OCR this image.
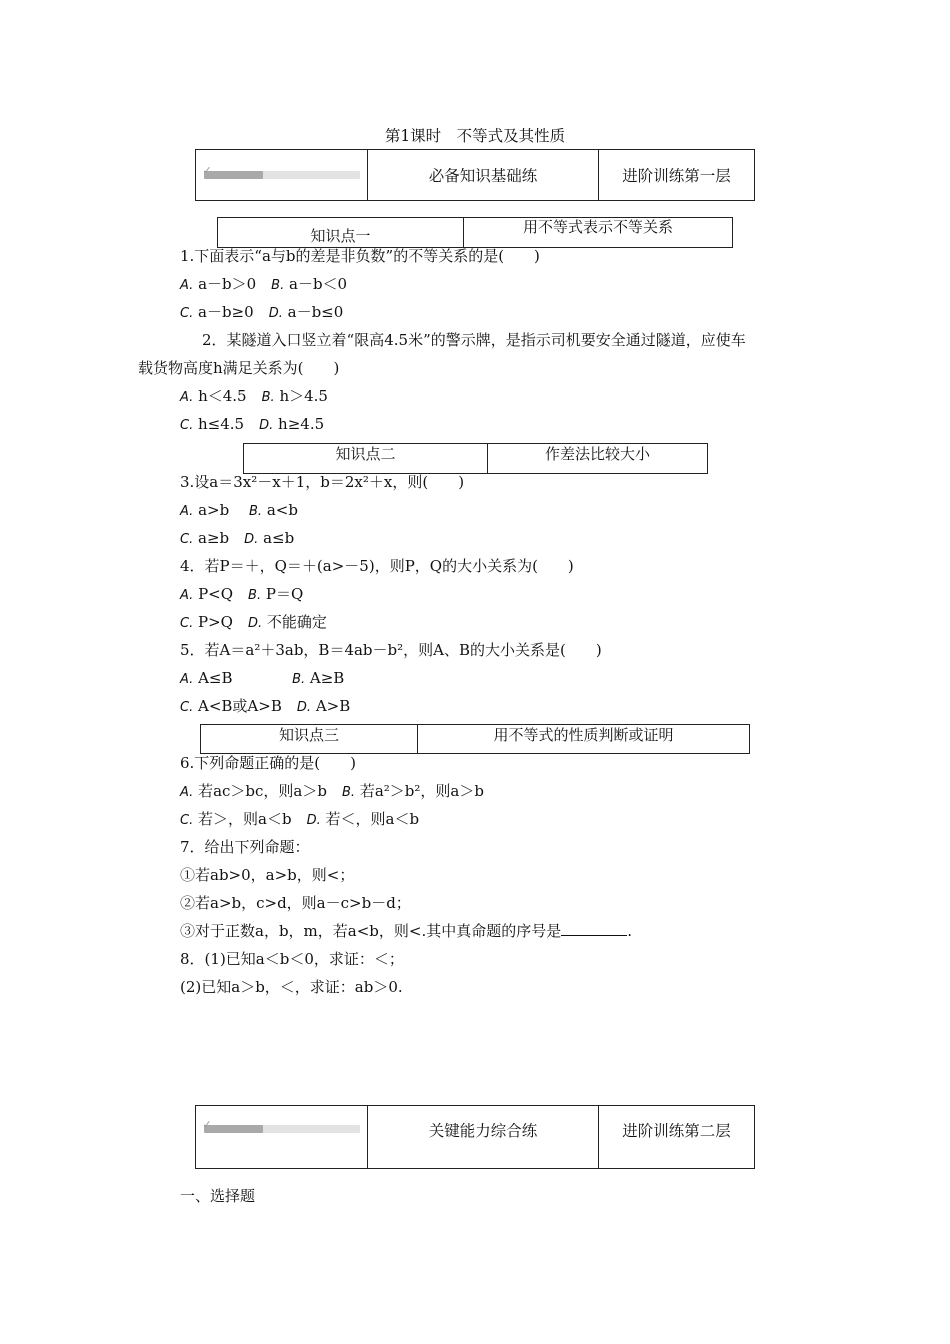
第1课时　不等式及其性质
✓	必备知识基础练	进阶训练第一层
知识点一	用不等式表示不等关系
1.下面表示“a与b的差是非负数”的不等关系的是(　　)
A. a－b＞0　 B. a－b＜0
C. a－b≥0　 D. a－b≤0
2．某隧道入口竖立着“限高4.5米”的警示牌，是指示司机要安全通过隧道，应使车
载货物高度h满足关系为(　　)
A. h＜4.5　 B. h＞4.5
C. h≤4.5　 D. h≥4.5
知识点二	作差法比较大小
3.设a＝3x²－x＋1，b＝2x²＋x，则(　　)
A. a>b　 B. a<b
C. a≥b　 D. a≤b
4．若P＝＋，Q＝＋(a>－5)，则P，Q的大小关系为(　　)
A. P<Q　 B. P＝Q
C. P>Q　 D. 不能确定
5．若A＝a²＋3ab，B＝4ab－b²，则A、B的大小关系是(　　)
A. A≤B	B. A≥B
C. A<B或A>B　 D. A>B
知识点三	用不等式的性质判断或证明
6.下列命题正确的是(　　)
A. 若ac＞bc，则a＞b　 B. 若a²＞b²，则a＞b
C. 若＞，则a＜b　 D. 若＜，则a＜b
7．给出下列命题：
①若ab>0，a>b，则<；
②若a>b，c>d，则a－c>b－d；
③对于正数a，b，m，若a<b，则<.其中真命题的序号是	.
8．(1)已知a＜b＜0，求证：＜；
(2)已知a＞b，＜，求证：ab＞0.
✓	关键能力综合练	进阶训练第二层
一、选择题
